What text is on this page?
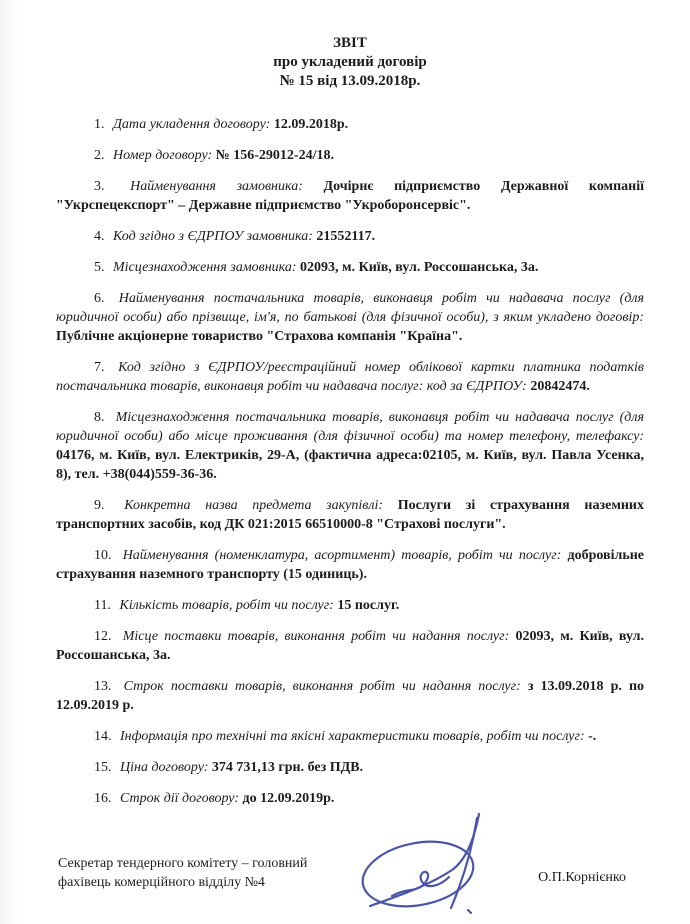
ЗВІТ
про укладений договір
№ 15 від 13.09.2018р.

1. Дата укладення договору: 12.09.2018р.

2. Номер договору: № 156-29012-24/18.

3. Найменування замовника: Дочірнє підприємство Державної компанії "Укрспецекспорт" – Державне підприємство "Укроборонсервіс".

4. Код згідно з ЄДРПОУ замовника: 21552117.

5. Місцезнаходження замовника: 02093, м. Київ, вул. Россошанська, 3а.

6. Найменування постачальника товарів, виконавця робіт чи надавача послуг (для юридичної особи) або прізвище, ім'я, по батькові (для фізичної особи), з яким укладено договір: Публічне акціонерне товариство "Страхова компанія "Країна".

7. Код згідно з ЄДРПОУ/реєстраційний номер облікової картки платника податків постачальника товарів, виконавця робіт чи надавача послуг: код за ЄДРПОУ: 20842474.

8. Місцезнаходження постачальника товарів, виконавця робіт чи надавача послуг (для юридичної особи) або місце проживання (для фізичної особи) та номер телефону, телефаксу: 04176, м. Київ, вул. Електриків, 29-А, (фактична адреса:02105, м. Київ, вул. Павла Усенка, 8), тел. +38(044)559-36-36.

9. Конкретна назва предмета закупівлі: Послуги зі страхування наземних транспортних засобів, код ДК 021:2015 66510000-8 "Страхові послуги".

10. Найменування (номенклатура, асортимент) товарів, робіт чи послуг: добровільне страхування наземного транспорту (15 одиниць).

11. Кількість товарів, робіт чи послуг: 15 послуг.

12. Місце поставки товарів, виконання робіт чи надання послуг: 02093, м. Київ, вул. Россошанська, 3а.

13. Строк поставки товарів, виконання робіт чи надання послуг: з 13.09.2018 р. по 12.09.2019 р.

14. Інформація про технічні та якісні характеристики товарів, робіт чи послуг: -.

15. Ціна договору: 374 731,13 грн. без ПДВ.

16. Строк дії договору: до 12.09.2019р.

Секретар тендерного комітету – головний
фахівець комерційного відділу №4	О.П.Корнієнко
